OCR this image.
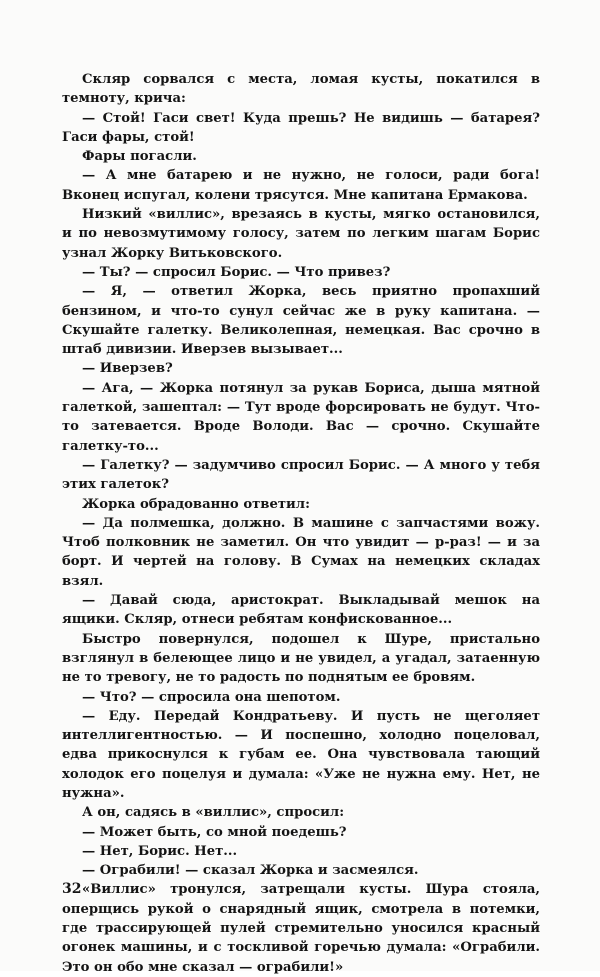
Скляр сорвался с места, ломая кусты, покатился в темноту, крича:

— Стой! Гаси свет! Куда прешь? Не видишь — батарея? Гаси фары, стой!

Фары погасли.

— А мне батарею и не нужно, не голоси, ради бога! Вконец испугал, колени трясутся. Мне капитана Ермакова.

Низкий «виллис», врезаясь в кусты, мягко остановился, и по невозмутимому голосу, затем по легким шагам Борис узнал Жорку Витьковского.

— Ты? — спросил Борис. — Что привез?

— Я, — ответил Жорка, весь приятно пропахший бензином, и что-то сунул сейчас же в руку капитана. — Скушайте галетку. Великолепная, немецкая. Вас срочно в штаб дивизии. Иверзев вызывает...

— Иверзев?

— Ага, — Жорка потянул за рукав Бориса, дыша мятной галеткой, зашептал: — Тут вроде форсировать не будут. Что-то затевается. Вроде Володи. Вас — срочно. Скушайте галетку-то...

— Галетку? — задумчиво спросил Борис. — А много у тебя этих галеток?

Жорка обрадованно ответил:

— Да полмешка, должно. В машине с запчастями вожу. Чтоб полковник не заметил. Он что увидит — р-раз! — и за борт. И чертей на голову. В Сумах на немецких складах взял.

— Давай сюда, аристократ. Выкладывай мешок на ящики. Скляр, отнеси ребятам конфискованное...

Быстро повернулся, подошел к Шуре, пристально взглянул в белеющее лицо и не увидел, а угадал, затаенную не то тревогу, не то радость по поднятым ее бровям.

— Что? — спросила она шепотом.

— Еду. Передай Кондратьеву. И пусть не щеголяет интеллигентностью. — И поспешно, холодно поцеловал, едва прикоснулся к губам ее. Она чувствовала тающий холодок его поцелуя и думала: «Уже не нужна ему. Нет, не нужна».

А он, садясь в «виллис», спросил:

— Может быть, со мной поедешь?

— Нет, Борис. Нет...

— Ограбили! — сказал Жорка и засмеялся.

«Виллис» тронулся, затрещали кусты. Шура стояла, оперщись рукой о снарядный ящик, смотрела в потемки, где трассирующей пулей стремительно уносился красный огонек машины, и с тоскливой горечью думала: «Ограбили. Это он обо мне сказал — ограбили!»

32
